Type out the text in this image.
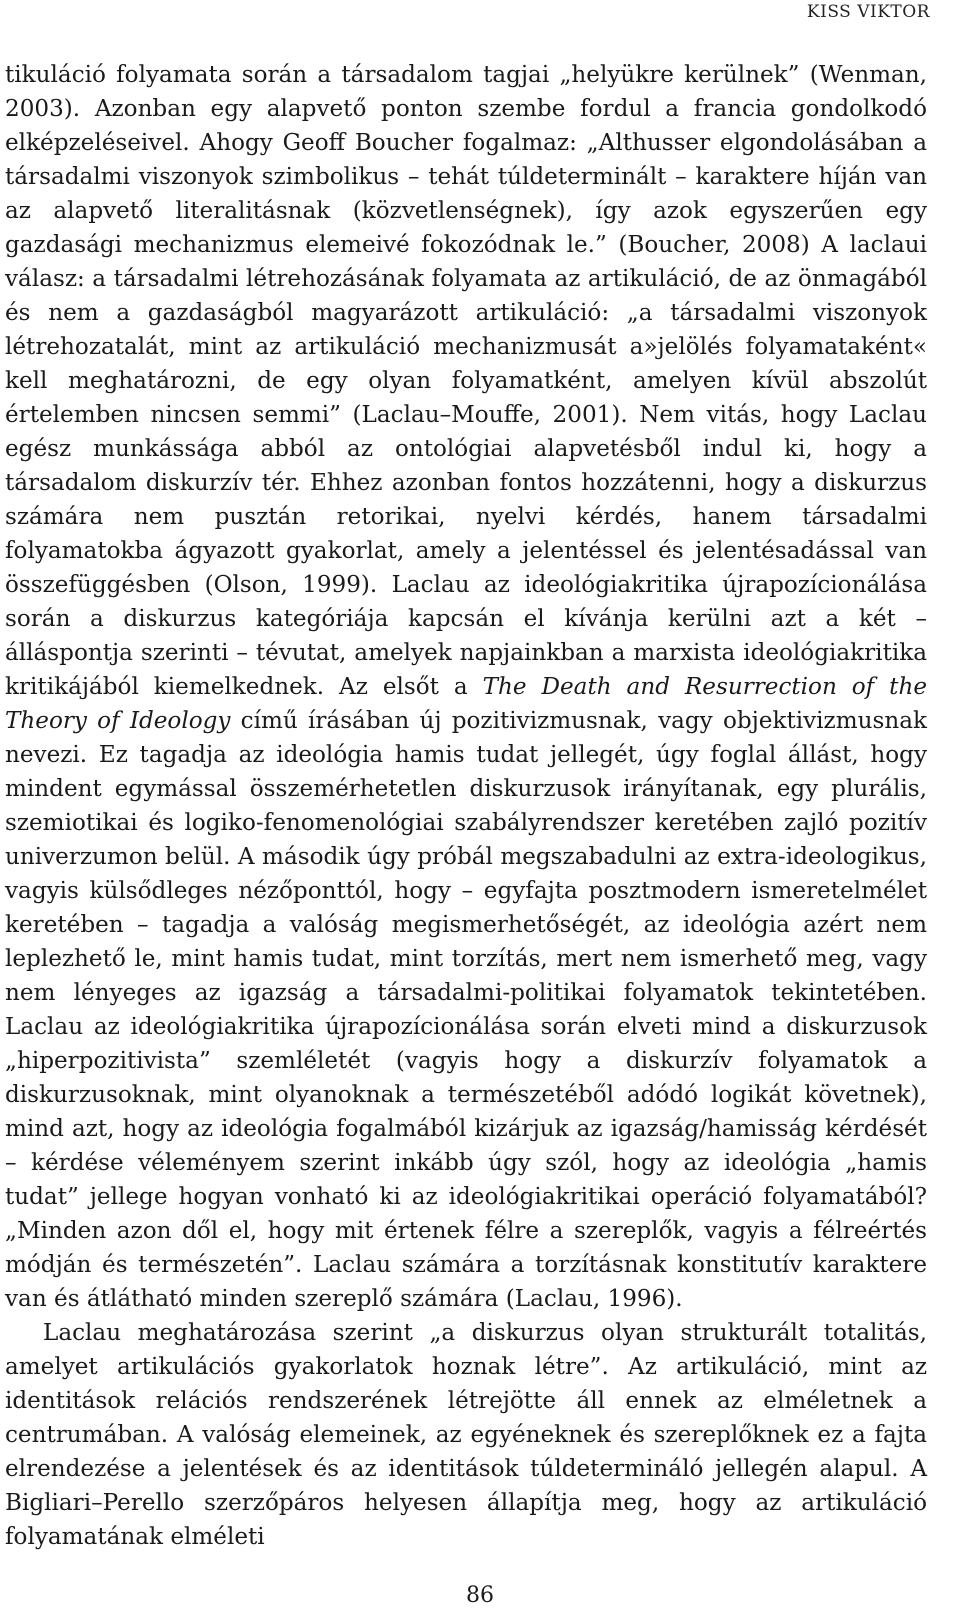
KISS VIKTOR

tikuláció folyamata során a társadalom tagjai „helyükre kerülnek” (Wenman, 2003). Azonban egy alapvető ponton szembe fordul a francia gondolkodó elképzeléseivel. Ahogy Geoff Boucher fogalmaz: „Althusser elgondolásában a társadalmi viszonyok szimbolikus – tehát túldeterminált – karaktere híján van az alapvető literalitásnak (közvetlenségnek), így azok egyszerűen egy gazdasági mechanizmus elemeivé fokozódnak le.” (Boucher, 2008) A laclaui válasz: a társadalmi létrehozásának folyamata az artikuláció, de az önmagából és nem a gazdaságból magyarázott artikuláció: „a társadalmi viszonyok létrehozatalát, mint az artikuláció mechanizmusát a»jelölés folyamataként« kell meghatározni, de egy olyan folyamatként, amelyen kívül abszolút értelemben nincsen semmi” (Laclau–Mouffe, 2001). Nem vitás, hogy Laclau egész munkássága abból az ontológiai alapvetésből indul ki, hogy a társadalom diskurzív tér. Ehhez azonban fontos hozzátenni, hogy a diskurzus számára nem pusztán retorikai, nyelvi kérdés, hanem társadalmi folyamatokba ágyazott gyakorlat, amely a jelentéssel és jelentésadással van összefüggésben (Olson, 1999). Laclau az ideológiakritika újrapozícionálása során a diskurzus kategóriája kapcsán el kívánja kerülni azt a két – álláspontja szerinti – tévutat, amelyek napjainkban a marxista ideológiakritika kritikájából kiemelkednek. Az elsőt a The Death and Resurrection of the Theory of Ideology című írásában új pozitivizmusnak, vagy objektivizmusnak nevezi. Ez tagadja az ideológia hamis tudat jellegét, úgy foglal állást, hogy mindent egymással összemérhetetlen diskurzusok irányítanak, egy plurális, szemiotikai és logiko-fenomenológiai szabályrendszer keretében zajló pozitív univerzumon belül. A második úgy próbál megszabadulni az extra-ideologikus, vagyis külsődleges nézőponttól, hogy – egyfajta posztmodern ismeretelmélet keretében – tagadja a valóság megismerhetőségét, az ideológia azért nem leplezhető le, mint hamis tudat, mint torzítás, mert nem ismerhető meg, vagy nem lényeges az igazság a társadalmi-politikai folyamatok tekintetében. Laclau az ideológiakritika újrapozícionálása során elveti mind a diskurzusok „hiperpozitivista” szemléletét (vagyis hogy a diskurzív folyamatok a diskurzusoknak, mint olyanoknak a természetéből adódó logikát követnek), mind azt, hogy az ideológia fogalmából kizárjuk az igazság/hamisság kérdését – kérdése véleményem szerint inkább úgy szól, hogy az ideológia „hamis tudat” jellege hogyan vonható ki az ideológiakritikai operáció folyamatából? „Minden azon dől el, hogy mit értenek félre a szereplők, vagyis a félreértés módján és természetén”. Laclau számára a torzításnak konstitutív karaktere van és átlátható minden szereplő számára (Laclau, 1996).

Laclau meghatározása szerint „a diskurzus olyan strukturált totalitás, amelyet artikulációs gyakorlatok hoznak létre”. Az artikuláció, mint az identitások relációs rendszerének létrejötte áll ennek az elméletnek a centrumában. A valóság elemeinek, az egyéneknek és szereplőknek ez a fajta elrendezése a jelentések és az identitások túldetermináló jellegén alapul. A Bigliari–Perello szerzőpáros helyesen állapítja meg, hogy az artikuláció folyamatának elméleti

86
